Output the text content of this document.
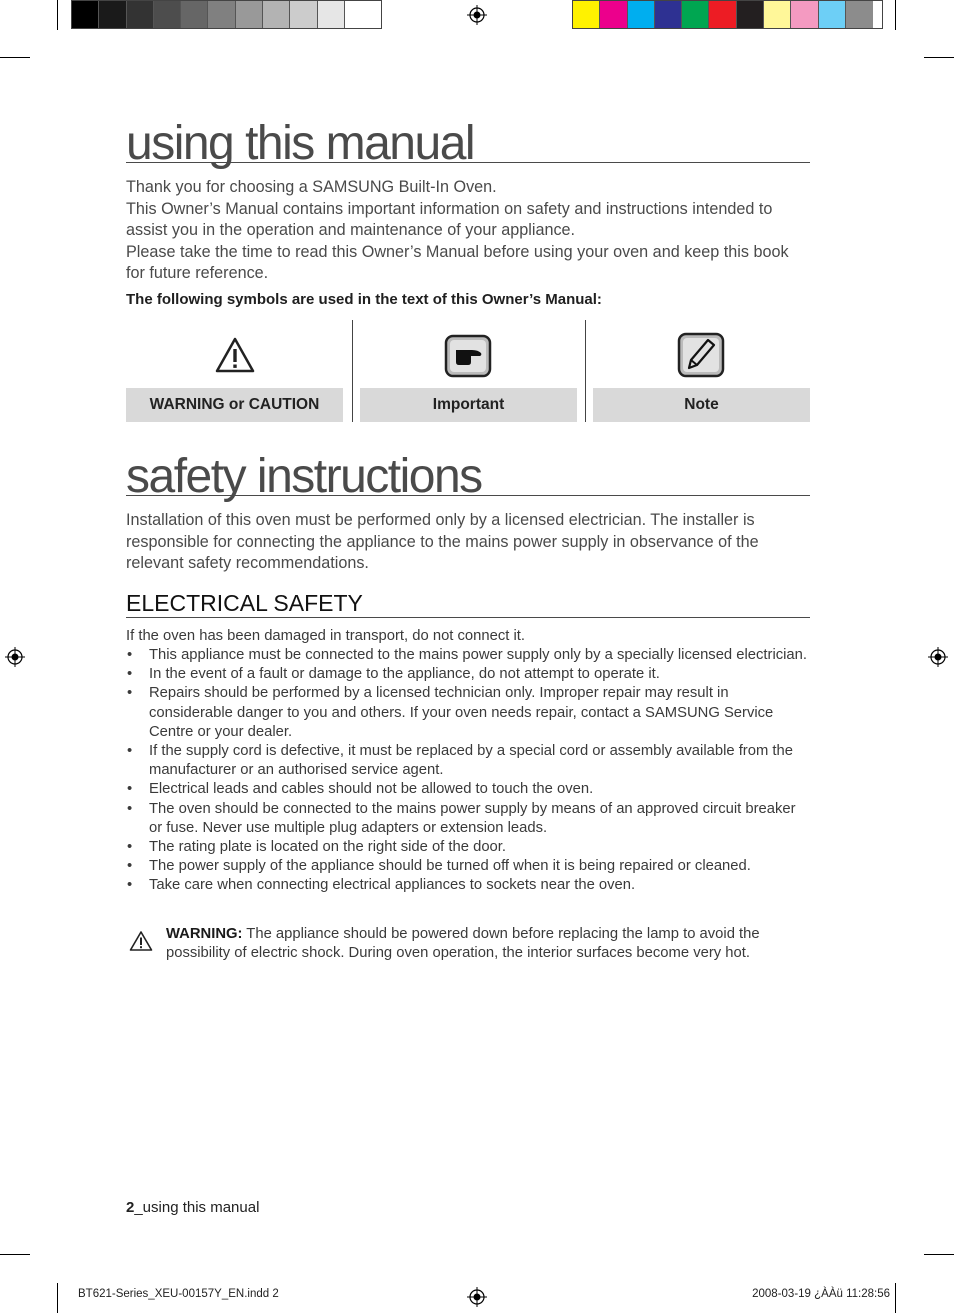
using this manual

Thank you for choosing a SAMSUNG Built-In Oven.
This Owner’s Manual contains important information on safety and instructions intended to assist you in the operation and maintenance of your appliance.
Please take the time to read this Owner’s Manual before using your oven and keep this book for future reference.

The following symbols are used in the text of this Owner’s Manual:
WARNING or CAUTION	Important	Note
safety instructions

Installation of this oven must be performed only by a licensed electrician. The installer is responsible for connecting the appliance to the mains power supply in observance of the relevant safety recommendations.

ELECTRICAL SAFETY
If the oven has been damaged in transport, do not connect it.
• This appliance must be connected to the mains power supply only by a specially licensed electrician.
• In the event of a fault or damage to the appliance, do not attempt to operate it.
• Repairs should be performed by a licensed technician only. Improper repair may result in considerable danger to you and others. If your oven needs repair, contact a SAMSUNG Service Centre or your dealer.
• If the supply cord is defective, it must be replaced by a special cord or assembly available from the manufacturer or an authorised service agent.
• Electrical leads and cables should not be allowed to touch the oven.
• The oven should be connected to the mains power supply by means of an approved circuit breaker or fuse. Never use multiple plug adapters or extension leads.
• The rating plate is located on the right side of the door.
• The power supply of the appliance should be turned off when it is being repaired or cleaned.
• Take care when connecting electrical appliances to sockets near the oven.
WARNING: The appliance should be powered down before replacing the lamp to avoid the possibility of electric shock. During oven operation, the interior surfaces become very hot.
2_using this manual
BT621-Series_XEU-00157Y_EN.indd 2	2008-03-19 ¿ÀÀü 11:28:56
